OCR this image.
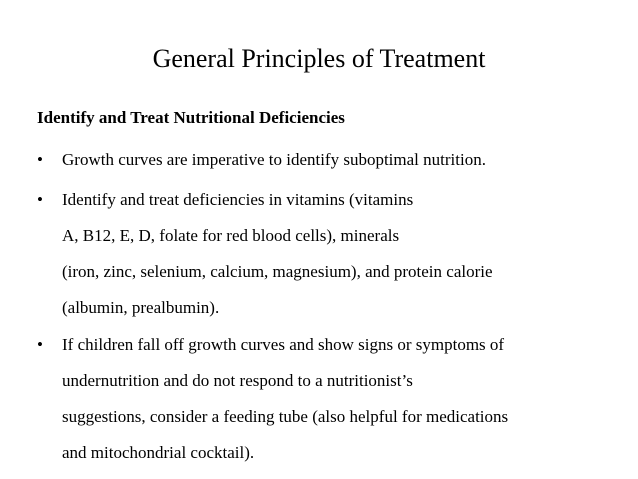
General Principles of Treatment
Identify and Treat Nutritional Deficiencies
•	Growth curves are imperative to identify suboptimal nutrition.
•	Identify and treat deficiencies in vitamins (vitamins
A, B12, E, D, folate for red blood cells), minerals
(iron, zinc, selenium, calcium, magnesium), and protein calorie
(albumin, prealbumin).
•	If children fall off growth curves and show signs or symptoms of
undernutrition and do not respond to a nutritionist’s
suggestions, consider a feeding tube (also helpful for medications
and mitochondrial cocktail).
